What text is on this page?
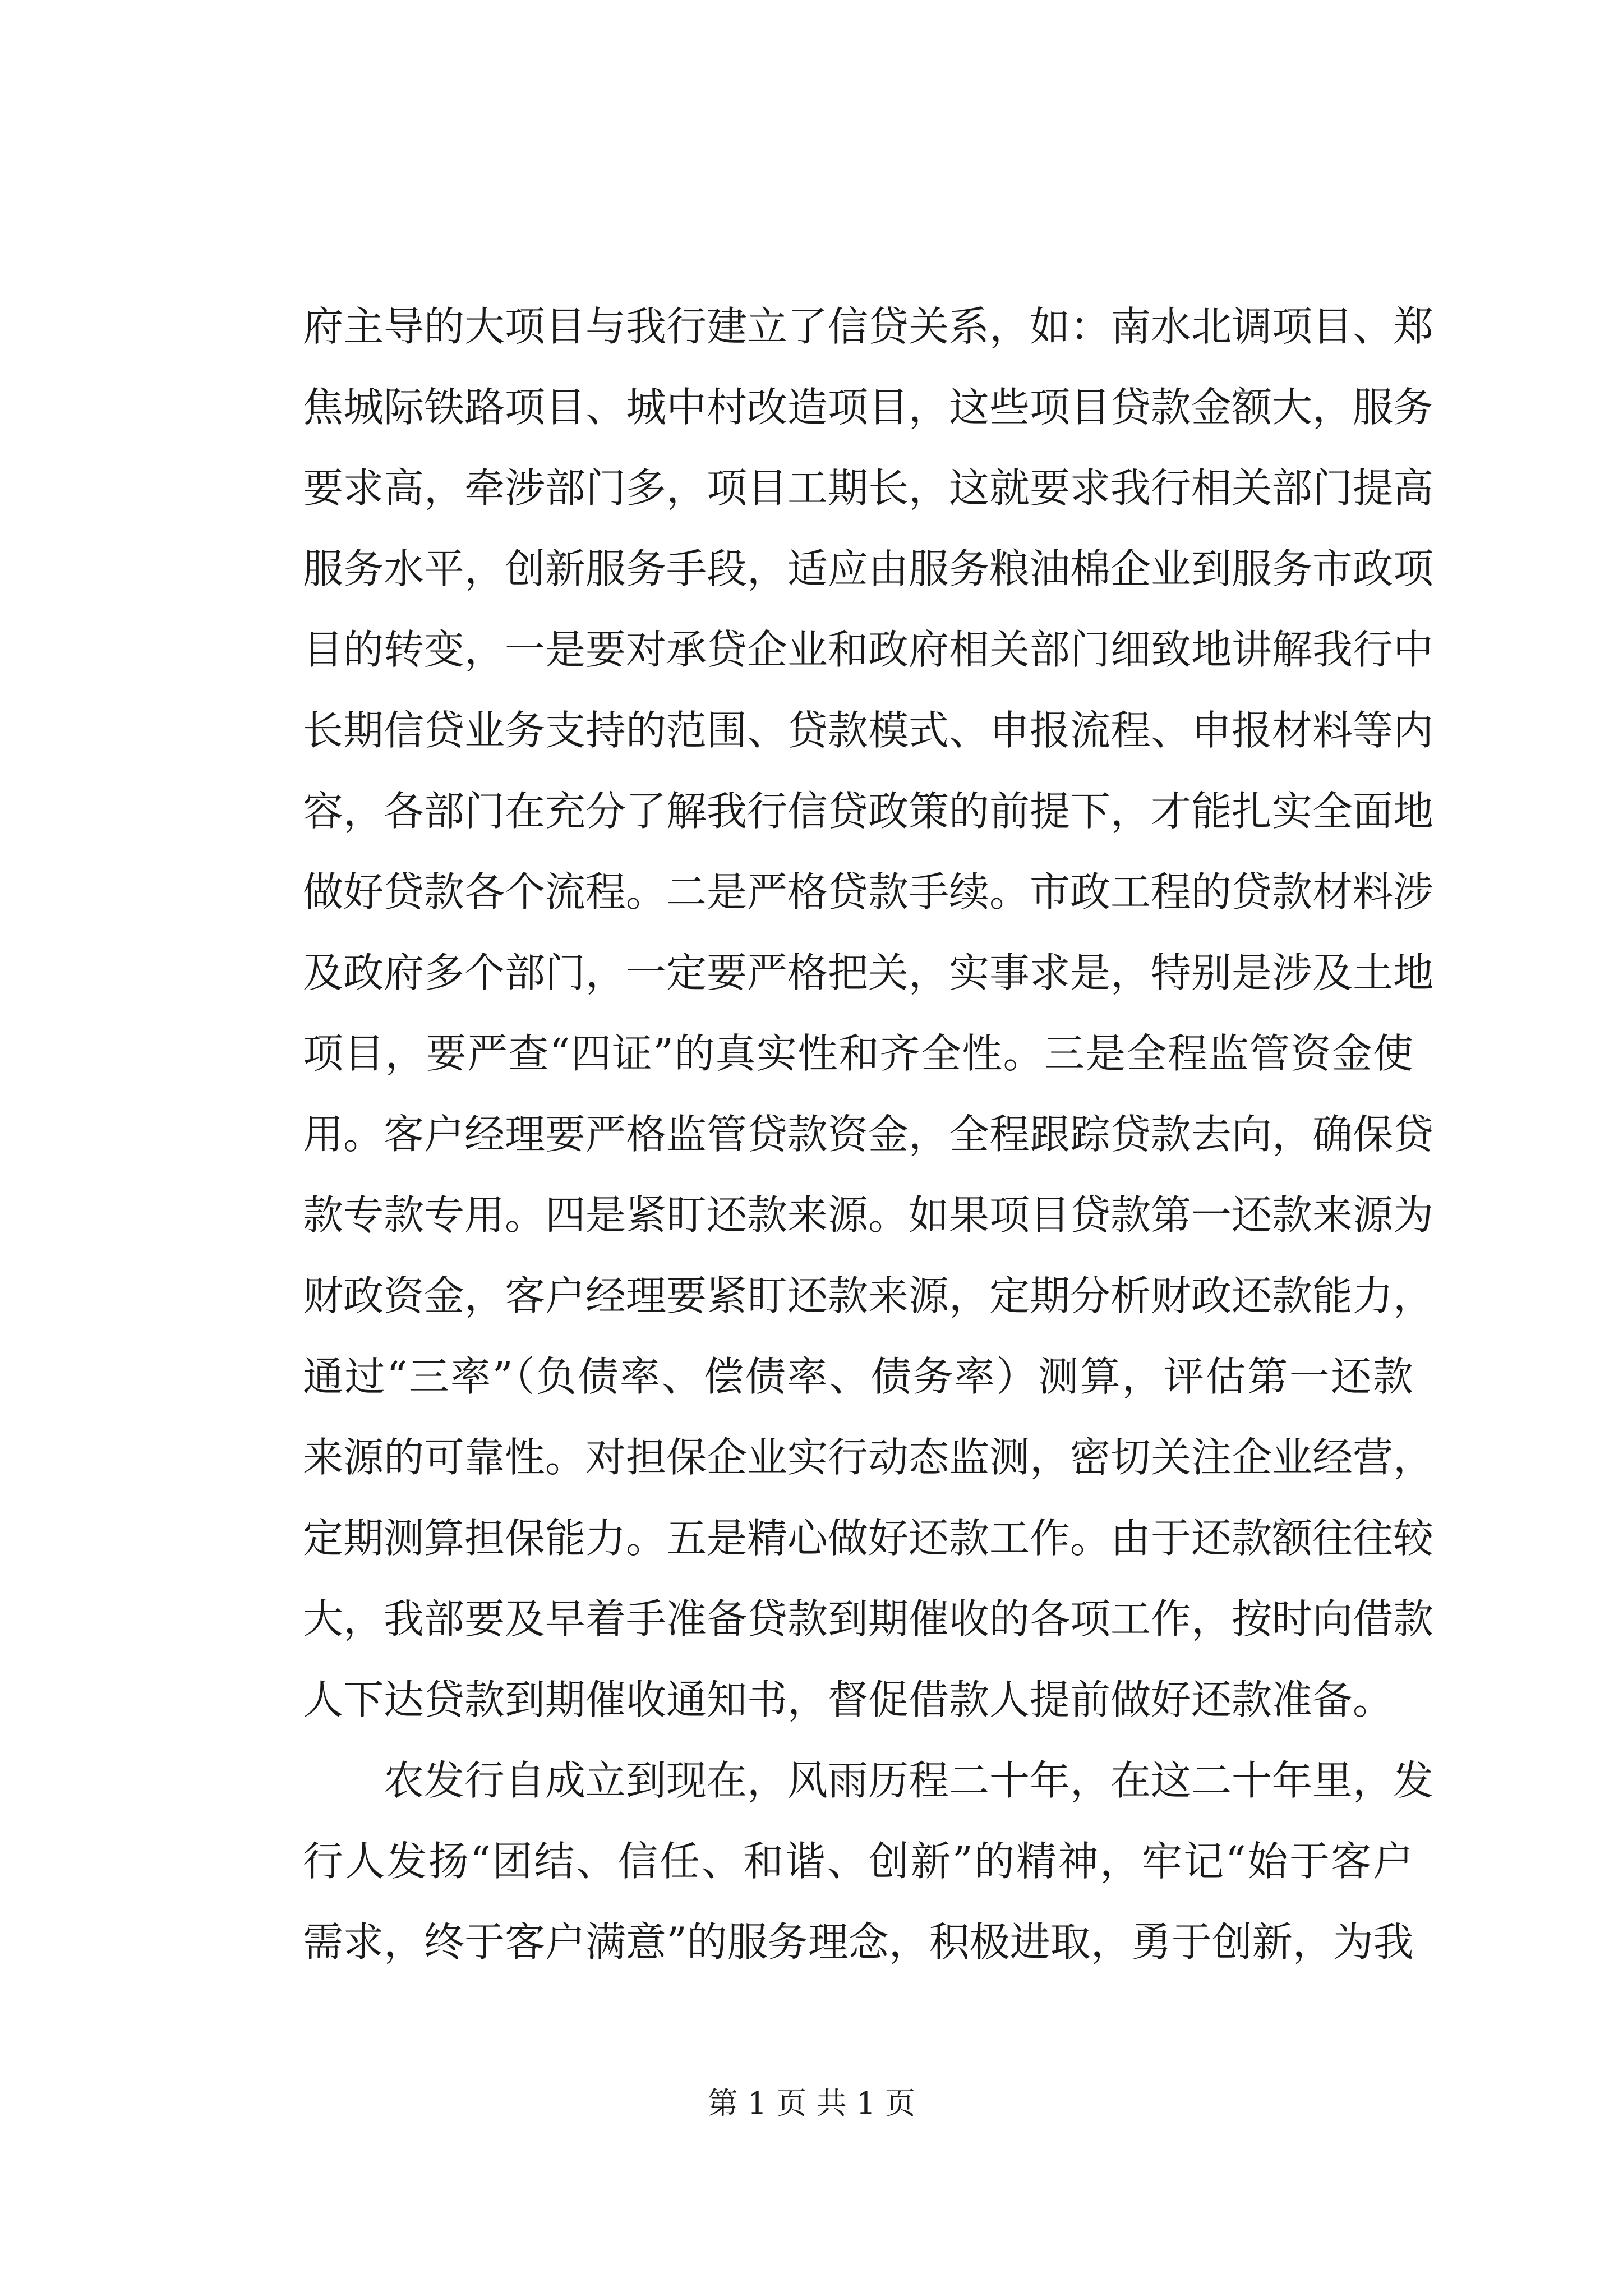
府主导的大项目与我行建立了信贷关系，如：南水北调项目、郑
焦城际铁路项目、城中村改造项目，这些项目贷款金额大，服务
要求高，牵涉部门多，项目工期长，这就要求我行相关部门提高
服务水平，创新服务手段，适应由服务粮油棉企业到服务市政项
目的转变，一是要对承贷企业和政府相关部门细致地讲解我行中
长期信贷业务支持的范围、贷款模式、申报流程、申报材料等内
容，各部门在充分了解我行信贷政策的前提下，才能扎实全面地
做好贷款各个流程。二是严格贷款手续。市政工程的贷款材料涉
及政府多个部门，一定要严格把关，实事求是，特别是涉及土地
项目，要严查“四证”的真实性和齐全性。三是全程监管资金使
用。客户经理要严格监管贷款资金，全程跟踪贷款去向，确保贷
款专款专用。四是紧盯还款来源。如果项目贷款第一还款来源为
财政资金，客户经理要紧盯还款来源，定期分析财政还款能力，
通过“三率”（负债率、偿债率、债务率）测算，评估第一还款
来源的可靠性。对担保企业实行动态监测，密切关注企业经营，
定期测算担保能力。五是精心做好还款工作。由于还款额往往较
大，我部要及早着手准备贷款到期催收的各项工作，按时向借款
人下达贷款到期催收通知书，督促借款人提前做好还款准备。
农发行自成立到现在，风雨历程二十年，在这二十年里，发
行人发扬“团结、信任、和谐、创新”的精神，牢记“始于客户
需求，终于客户满意”的服务理念，积极进取，勇于创新，为我
第 1 页 共 1 页
